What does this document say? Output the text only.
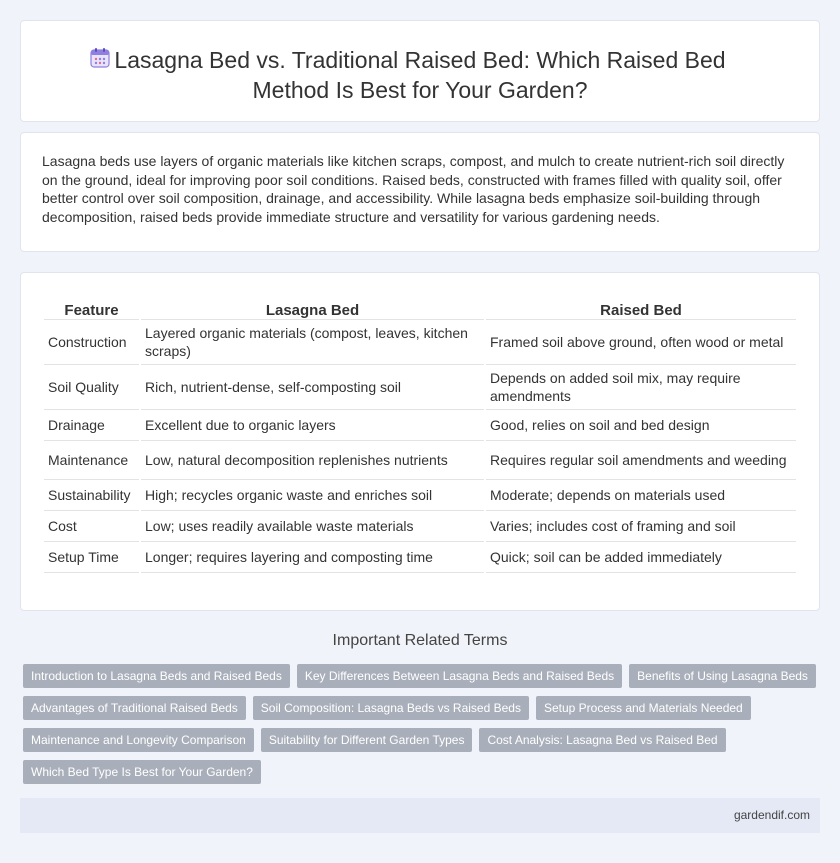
Lasagna Bed vs. Traditional Raised Bed: Which Raised Bed Method Is Best for Your Garden?

Lasagna beds use layers of organic materials like kitchen scraps, compost, and mulch to create nutrient-rich soil directly on the ground, ideal for improving poor soil conditions. Raised beds, constructed with frames filled with quality soil, offer better control over soil composition, drainage, and accessibility. While lasagna beds emphasize soil-building through decomposition, raised beds provide immediate structure and versatility for various gardening needs.

Feature	Lasagna Bed	Raised Bed
Construction	Layered organic materials (compost, leaves, kitchen scraps)	Framed soil above ground, often wood or metal
Soil Quality	Rich, nutrient-dense, self-composting soil	Depends on added soil mix, may require amendments
Drainage	Excellent due to organic layers	Good, relies on soil and bed design
Maintenance	Low, natural decomposition replenishes nutrients	Requires regular soil amendments and weeding
Sustainability	High; recycles organic waste and enriches soil	Moderate; depends on materials used
Cost	Low; uses readily available waste materials	Varies; includes cost of framing and soil
Setup Time	Longer; requires layering and composting time	Quick; soil can be added immediately
Important Related Terms
Introduction to Lasagna Beds and Raised Beds	Key Differences Between Lasagna Beds and Raised Beds	Benefits of Using Lasagna Beds
Advantages of Traditional Raised Beds	Soil Composition: Lasagna Beds vs Raised Beds	Setup Process and Materials Needed
Maintenance and Longevity Comparison	Suitability for Different Garden Types	Cost Analysis: Lasagna Bed vs Raised Bed
Which Bed Type Is Best for Your Garden?
gardendif.com
